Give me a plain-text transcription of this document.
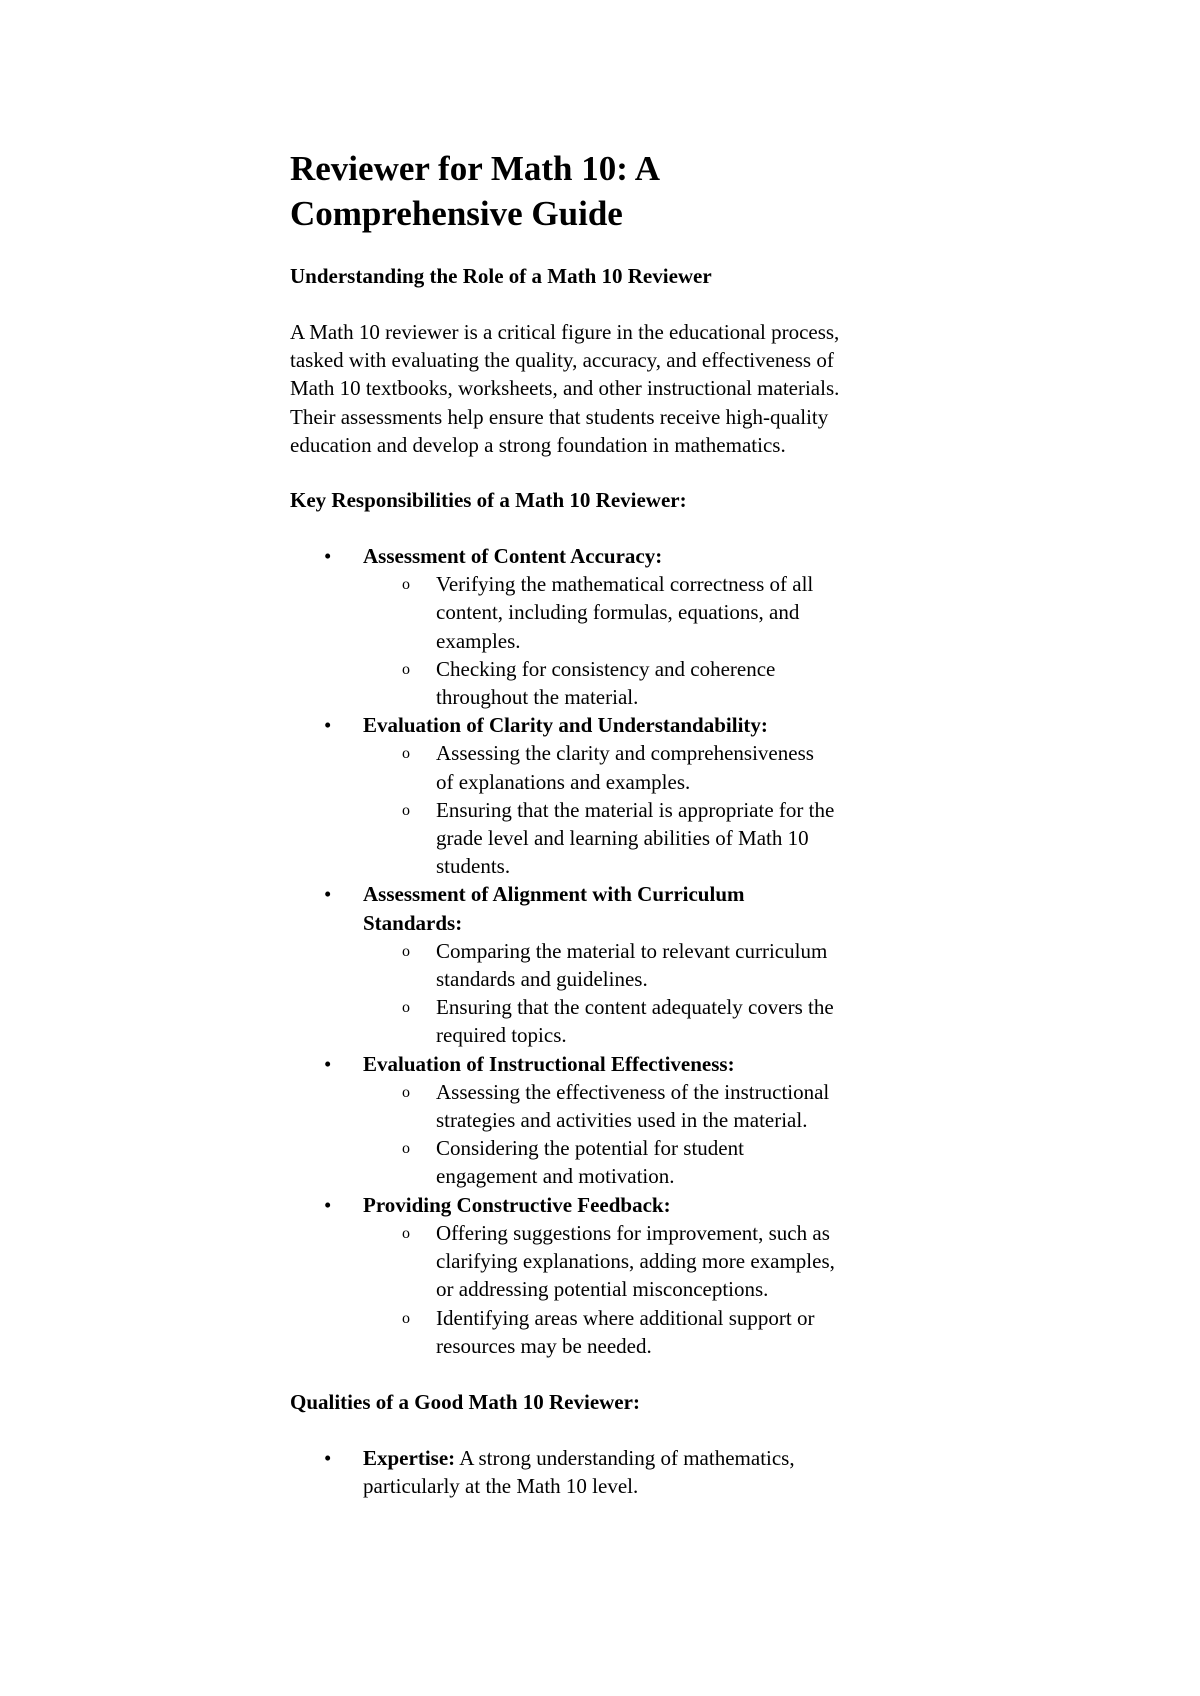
Reviewer for Math 10: A Comprehensive Guide
Understanding the Role of a Math 10 Reviewer

A Math 10 reviewer is a critical figure in the educational process, tasked with evaluating the quality, accuracy, and effectiveness of Math 10 textbooks, worksheets, and other instructional materials. Their assessments help ensure that students receive high-quality education and develop a strong foundation in mathematics.

Key Responsibilities of a Math 10 Reviewer:
• Assessment of Content Accuracy:
o Verifying the mathematical correctness of all content, including formulas, equations, and examples.
o Checking for consistency and coherence throughout the material.
• Evaluation of Clarity and Understandability:
o Assessing the clarity and comprehensiveness of explanations and examples.
o Ensuring that the material is appropriate for the grade level and learning abilities of Math 10 students.
• Assessment of Alignment with Curriculum Standards:
o Comparing the material to relevant curriculum standards and guidelines.
o Ensuring that the content adequately covers the required topics.
• Evaluation of Instructional Effectiveness:
o Assessing the effectiveness of the instructional strategies and activities used in the material.
o Considering the potential for student engagement and motivation.
• Providing Constructive Feedback:
o Offering suggestions for improvement, such as clarifying explanations, adding more examples, or addressing potential misconceptions.
o Identifying areas where additional support or resources may be needed.
Qualities of a Good Math 10 Reviewer:
• Expertise: A strong understanding of mathematics, particularly at the Math 10 level.
